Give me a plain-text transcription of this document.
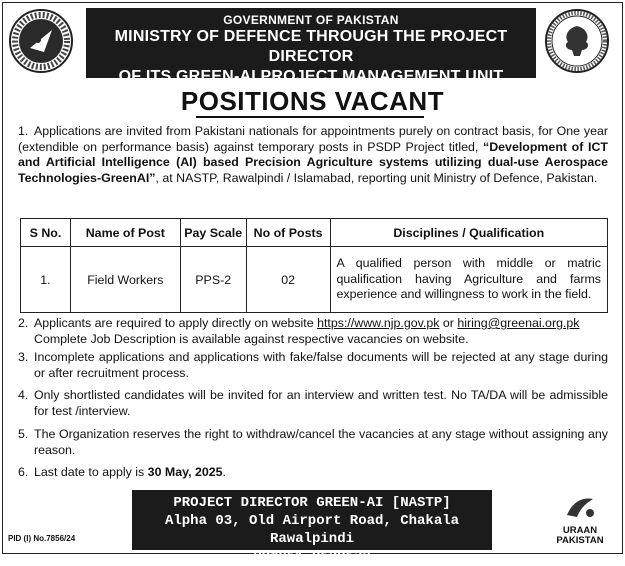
GOVERNMENT OF PAKISTAN
MINISTRY OF DEFENCE THROUGH THE PROJECT DIRECTOR
OF ITS GREEN-AI PROJECT MANAGEMENT UNIT
POSITIONS VACANT
1. Applications are invited from Pakistani nationals for appointments purely on contract basis, for One year (extendible on performance basis) against temporary posts in PSDP Project titled, “Development of ICT and Artificial Intelligence (AI) based Precision Agriculture systems utilizing dual-use Aerospace Technologies-GreenAI”, at NASTP, Rawalpindi / Islamabad, reporting unit Ministry of Defence, Pakistan.
S No.	Name of Post	Pay Scale	No of Posts	Disciplines / Qualification
1.	Field Workers	PPS-2	02	A qualified person with middle or matric qualification having Agriculture and farms experience and willingness to work in the field.
2. Applicants are required to apply directly on website https://www.njp.gov.pk or hiring@greenai.org.pk
Complete Job Description is available against respective vacancies on website.
3. Incomplete applications and applications with fake/false documents will be rejected at any stage during or after recruitment process.
4. Only shortlisted candidates will be invited for an interview and written test. No TA/DA will be admissible for test /interview.
5. The Organization reserves the right to withdraw/cancel the vacancies at any stage without assigning any reason.
6. Last date to apply is 30 May, 2025.
PROJECT DIRECTOR GREEN-AI [NASTP]
Alpha 03, Old Airport Road, Chakala Rawalpindi
PH#051-9529532
PID (I) No.7856/24
URAAN
PAKISTAN
